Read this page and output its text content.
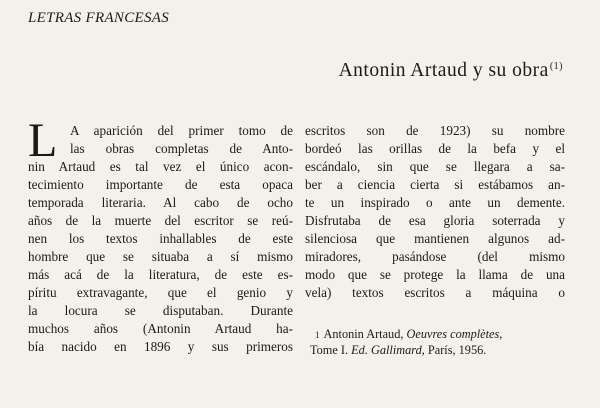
LETRAS FRANCESAS
Antonin Artaud y su obra$^{(1)}$
L A aparición del primer tomo de
las obras completas de Anto-
nin Artaud es tal vez el único acon-
tecimiento importante de esta opaca
temporada literaria. Al cabo de ocho
años de la muerte del escritor se reú-
nen los textos inhallables de este
hombre que se situaba a sí mismo
más acá de la literatura, de este es-
píritu extravagante, que el genio y
la locura se disputaban. Durante
muchos años (Antonin Artaud ha-
bía nacido en 1896 y sus primeros
escritos son de 1923) su nombre
bordeó las orillas de la befa y el
escándalo, sin que se llegara a sa-
ber a ciencia cierta si estábamos an-
te un inspirado o ante un demente.
Disfrutaba de esa gloria soterrada y
silenciosa que mantienen algunos ad-
miradores, pasándose (del mismo
modo que se protege la llama de una
vela) textos escritos a máquina o
$^1$ Antonin Artaud, Oeuvres complètes,
Tome I. Ed. Gallimard, París, 1956.
